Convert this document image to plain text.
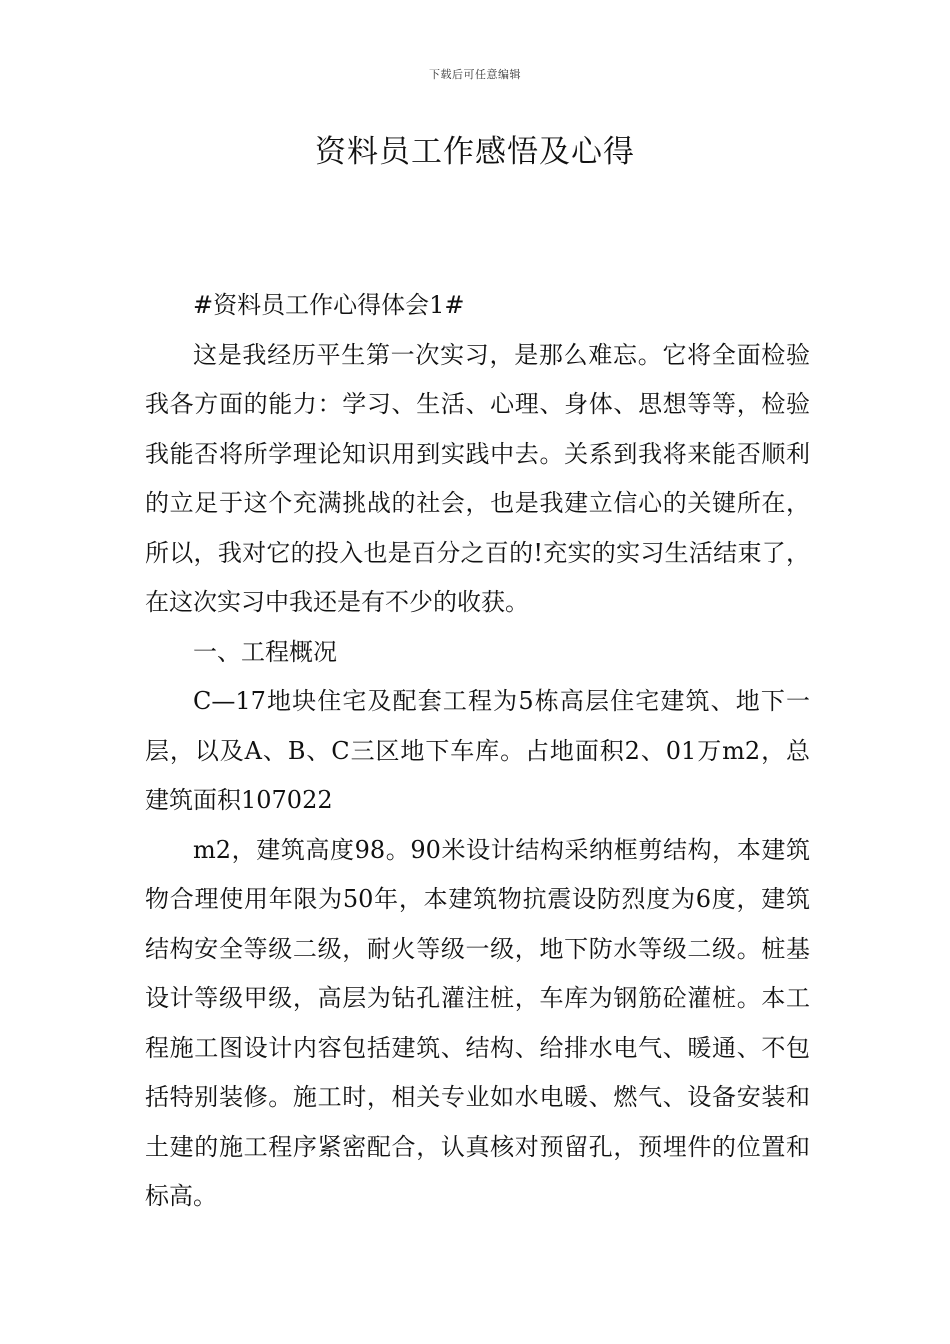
下载后可任意编辑
资料员工作感悟及心得

#资料员工作心得体会1#

这是我经历平生第一次实习，是那么难忘。它将全面检验我各方面的能力：学习、生活、心理、身体、思想等等，检验我能否将所学理论知识用到实践中去。关系到我将来能否顺利的立足于这个充满挑战的社会，也是我建立信心的关键所在，所以，我对它的投入也是百分之百的!充实的实习生活结束了，在这次实习中我还是有不少的收获。

一、工程概况

C—17地块住宅及配套工程为5栋高层住宅建筑、地下一层，以及A、B、C三区地下车库。占地面积2、01万m2，总建筑面积107022

m2，建筑高度98。90米设计结构采纳框剪结构，本建筑物合理使用年限为50年，本建筑物抗震设防烈度为6度，建筑结构安全等级二级，耐火等级一级，地下防水等级二级。桩基设计等级甲级，高层为钻孔灌注桩，车库为钢筋砼灌桩。本工程施工图设计内容包括建筑、结构、给排水电气、暖通、不包括特别装修。施工时，相关专业如水电暖、燃气、设备安装和土建的施工程序紧密配合，认真核对预留孔，预埋件的位置和标高。
